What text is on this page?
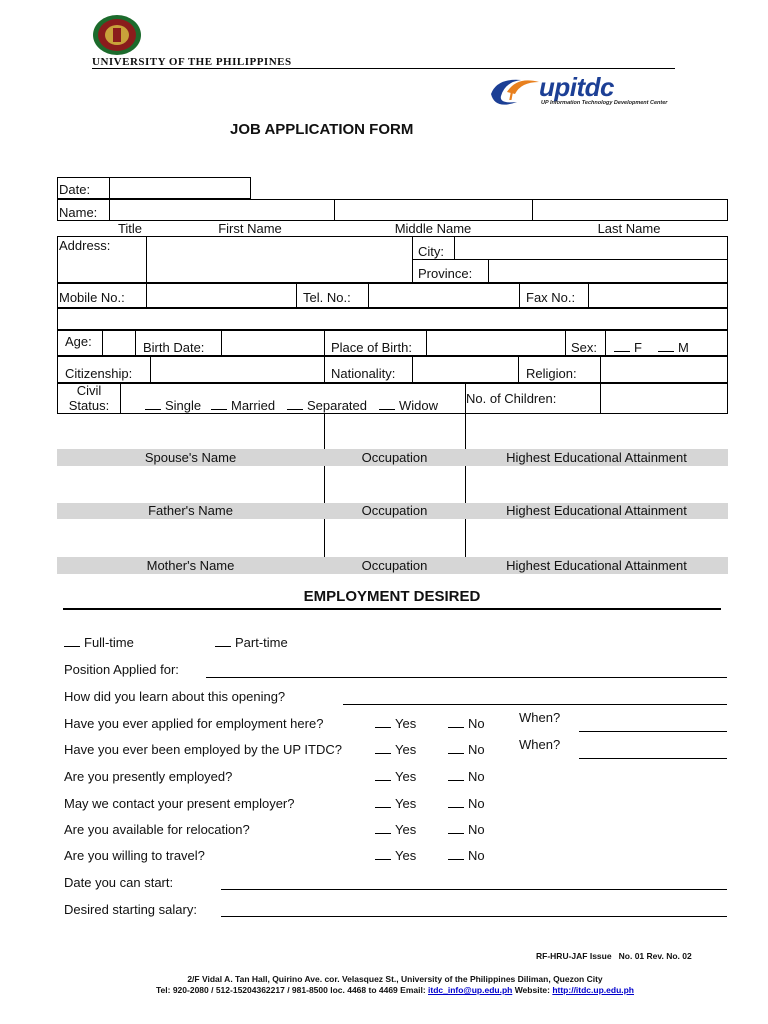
UNIVERSITY OF THE PHILIPPINES
i upitdc
UP Information Technology Development Center
JOB APPLICATION FORM
Date:
Name:
Title	First Name	Middle Name	Last Name
Address:	City:
Province:
Mobile No.:	Tel. No.:	Fax No.:
Age:	Birth Date:	Place of Birth:	Sex:	F	M
Citizenship:	Nationality:	Religion:
Civil
Status:	Single	Married	Separated	Widow No. of Children:
Spouse's Name	Occupation	Highest Educational Attainment
Father's Name	Occupation	Highest Educational Attainment
Mother's Name	Occupation	Highest Educational Attainment
EMPLOYMENT DESIRED
Full-time	Part-time
Position Applied for:
How did you learn about this opening?
Have you ever applied for employment here?	Yes	No	When?
Have you ever been employed by the UP ITDC?	Yes	No	When?
Are you presently employed?	Yes	No
May we contact your present employer?	Yes	No
Are you available for relocation?	Yes	No
Are you willing to travel?	Yes	No
Date you can start:
Desired starting salary:
RF-HRU-JAF Issue   No. 01 Rev. No. 02
2/F Vidal A. Tan Hall, Quirino Ave. cor. Velasquez St., University of the Philippines Diliman, Quezon City
Tel: 920-2080 / 512-15204362217 / 981-8500 loc. 4468 to 4469 Email: itdc_info@up.edu.ph Website: http://itdc.up.edu.ph
